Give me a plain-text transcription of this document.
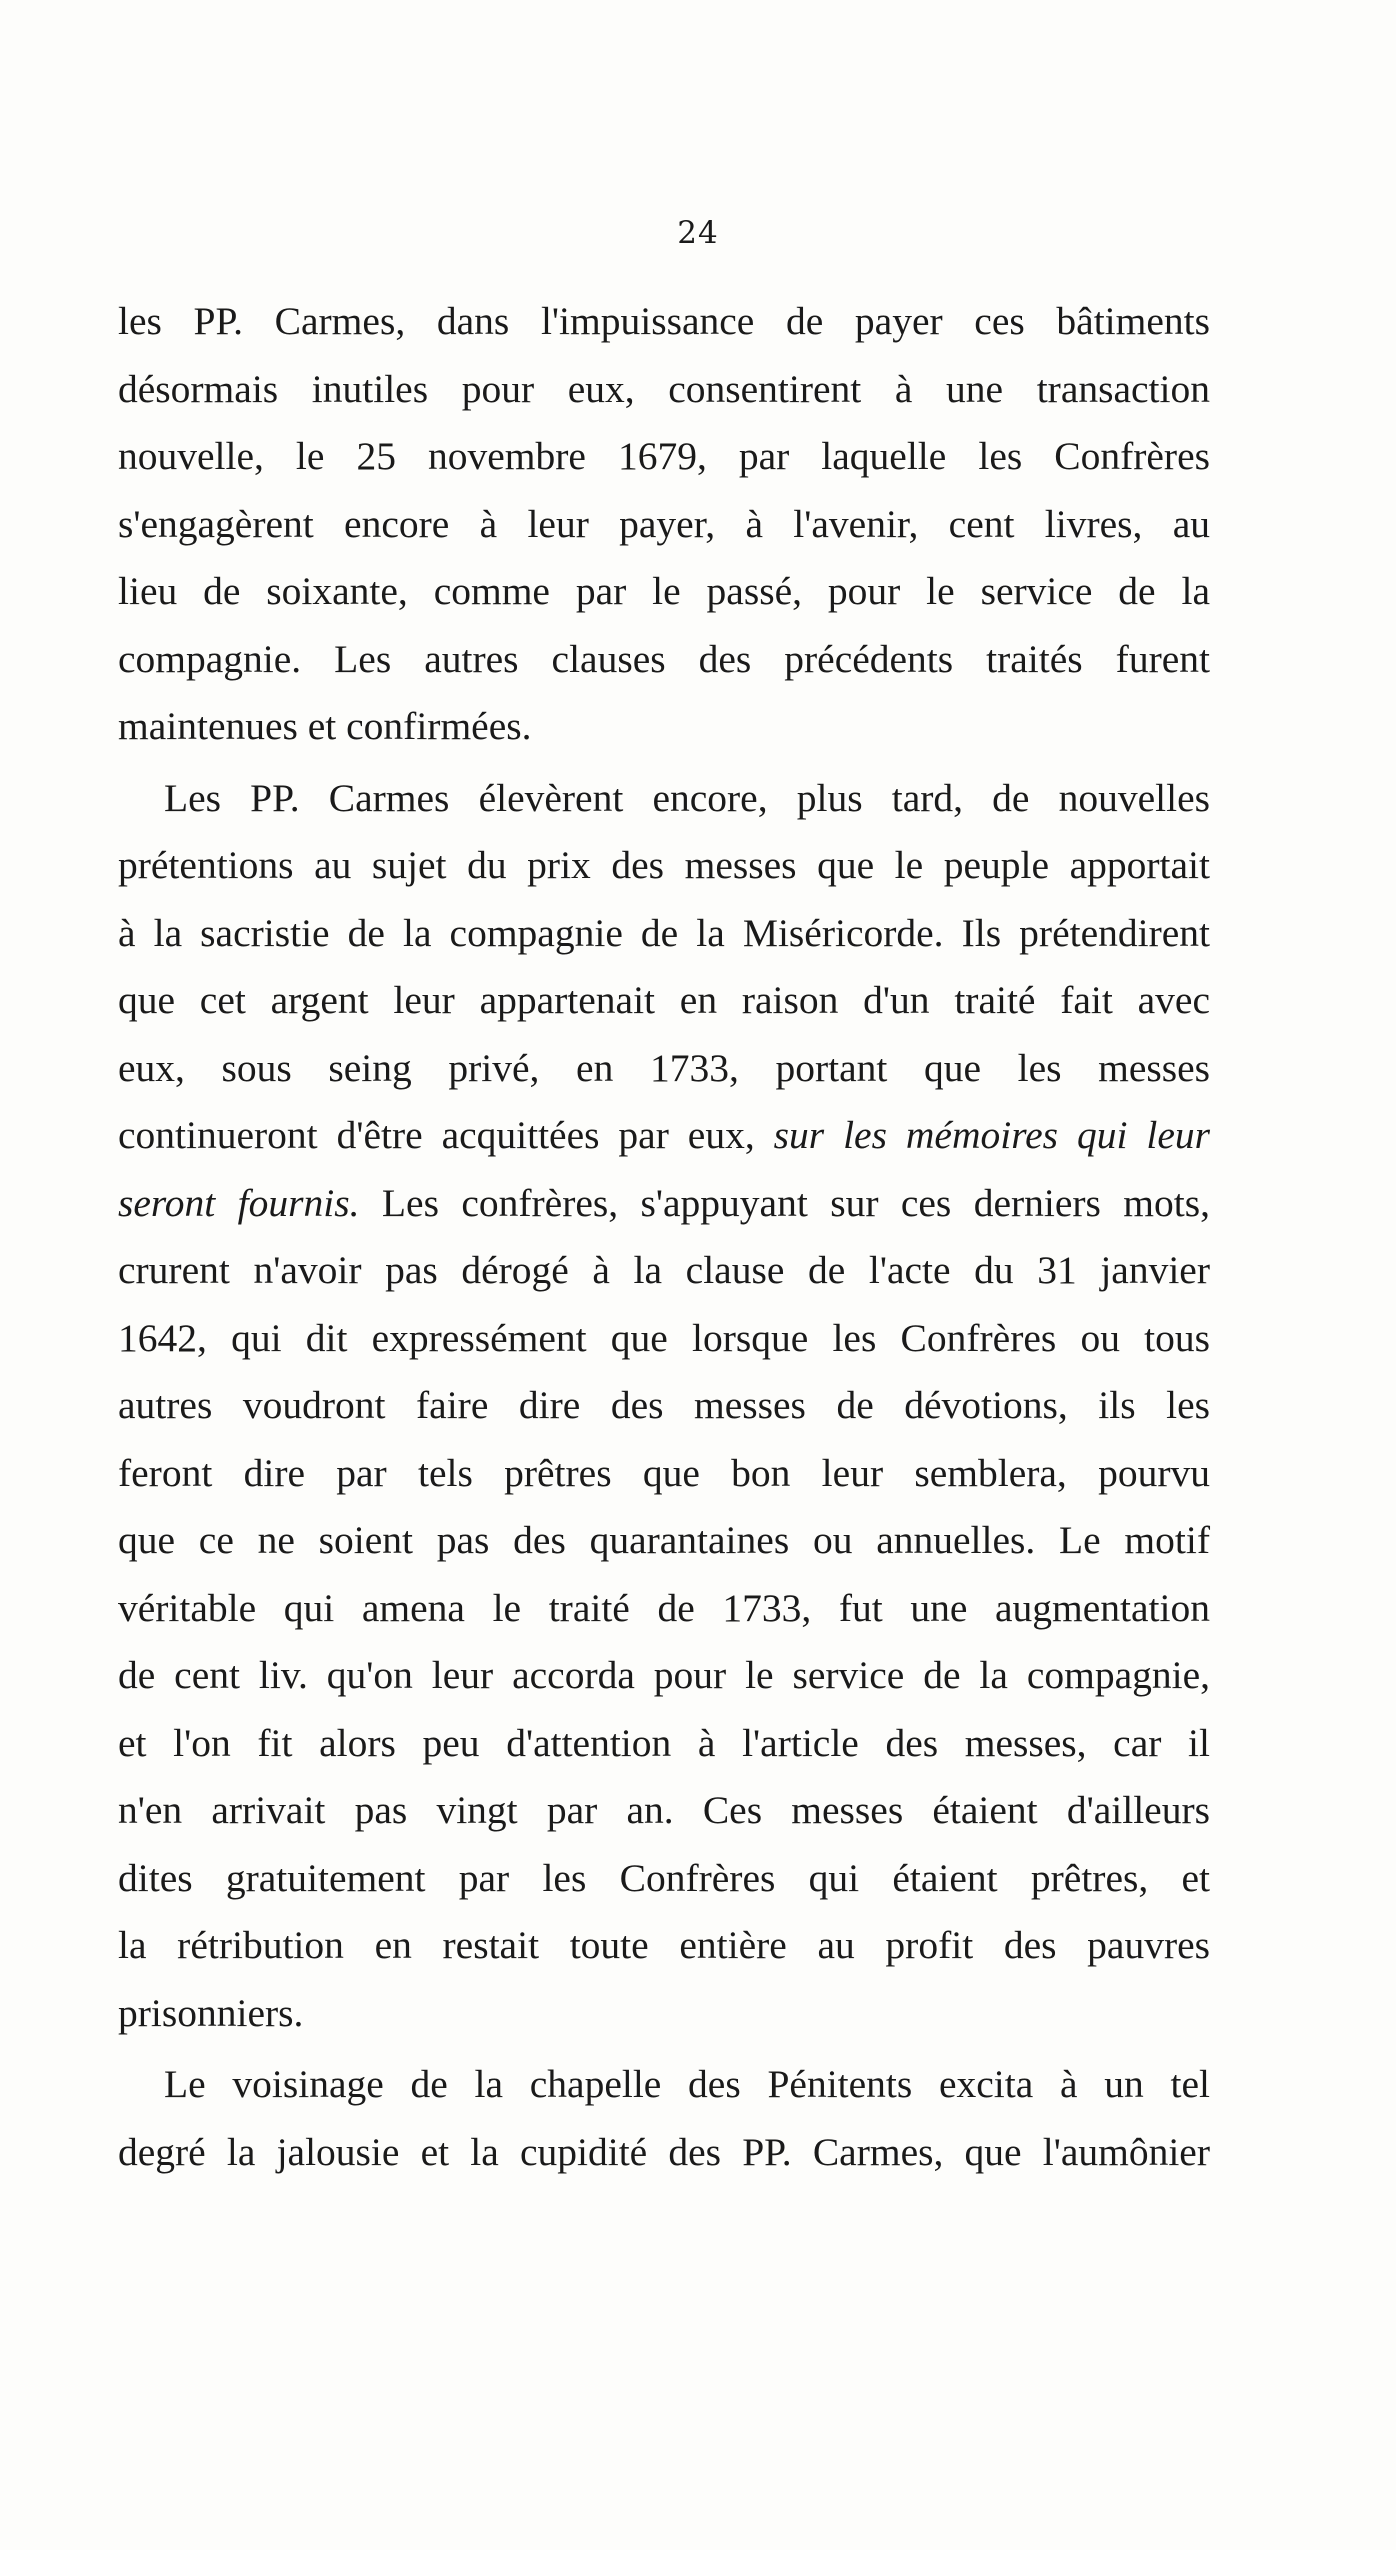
24
les PP. Carmes, dans l'impuissance de payer ces bâtiments
désormais inutiles pour eux, consentirent à une transaction
nouvelle, le 25 novembre 1679, par laquelle les Confrères
s'engagèrent encore à leur payer, à l'avenir, cent livres, au
lieu de soixante, comme par le passé, pour le service de la
compagnie. Les autres clauses des précédents traités furent
maintenues et confirmées.
Les PP. Carmes élevèrent encore, plus tard, de nouvelles
prétentions au sujet du prix des messes que le peuple apportait
à la sacristie de la compagnie de la Miséricorde. Ils prétendirent
que cet argent leur appartenait en raison d'un traité fait avec
eux, sous seing privé, en 1733, portant que les messes
continueront d'être acquittées par eux, sur les mémoires qui leur
seront fournis. Les confrères, s'appuyant sur ces derniers mots,
crurent n'avoir pas dérogé à la clause de l'acte du 31 janvier
1642, qui dit expressément que lorsque les Confrères ou tous
autres voudront faire dire des messes de dévotions, ils les
feront dire par tels prêtres que bon leur semblera, pourvu
que ce ne soient pas des quarantaines ou annuelles. Le motif
véritable qui amena le traité de 1733, fut une augmentation
de cent liv. qu'on leur accorda pour le service de la compagnie,
et l'on fit alors peu d'attention à l'article des messes, car il
n'en arrivait pas vingt par an. Ces messes étaient d'ailleurs
dites gratuitement par les Confrères qui étaient prêtres, et
la rétribution en restait toute entière au profit des pauvres
prisonniers.
Le voisinage de la chapelle des Pénitents excita à un tel
degré la jalousie et la cupidité des PP. Carmes, que l'aumônier
